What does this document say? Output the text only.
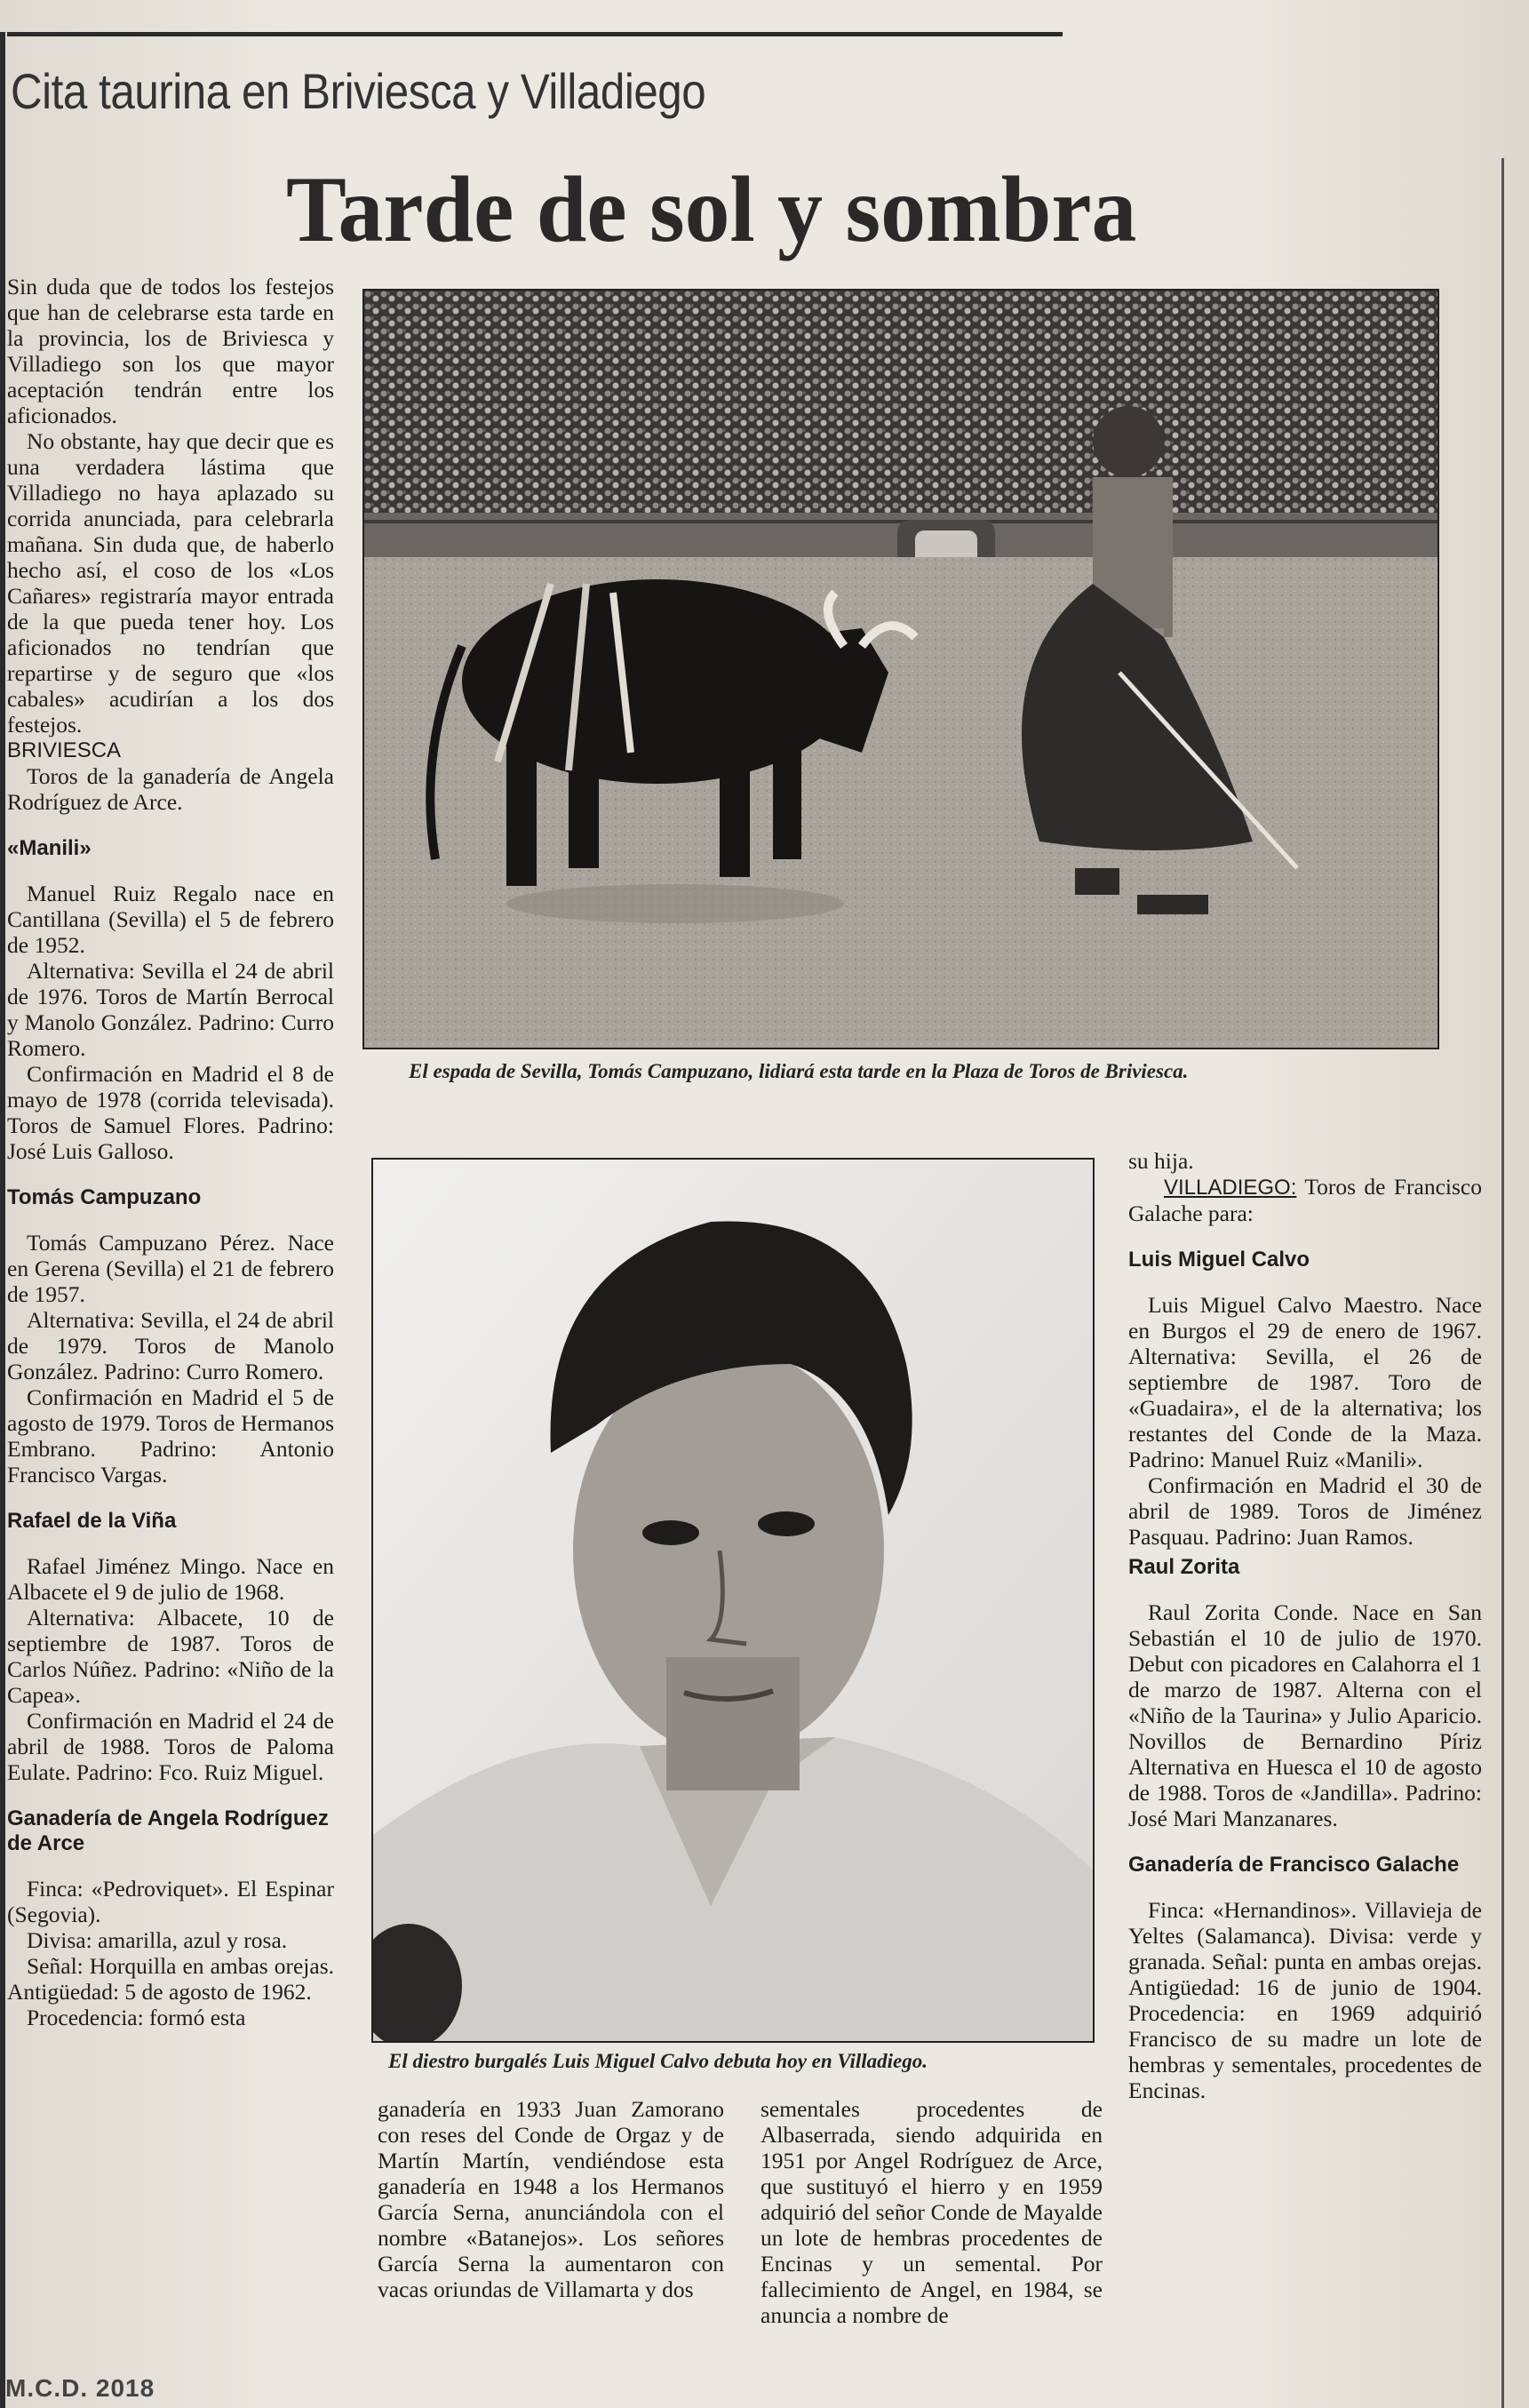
Cita taurina en Briviesca y Villadiego
Tarde de sol y sombra

Sin duda que de todos los festejos que han de celebrarse esta tarde en la provincia, los de Briviesca y Villadiego son los que mayor aceptación tendrán entre los aficionados.

No obstante, hay que decir que es una verdadera lástima que Villadiego no haya aplazado su corrida anunciada, para celebrarla mañana. Sin duda que, de haberlo hecho así, el coso de los «Los Cañares» registraría mayor entrada de la que pueda tener hoy. Los aficionados no tendrían que repartirse y de seguro que «los cabales» acudirían a los dos festejos.

BRIVIESCA

Toros de la ganadería de Angela Rodríguez de Arce.

«Manili»

Manuel Ruiz Regalo nace en Cantillana (Sevilla) el 5 de febrero de 1952.

Alternativa: Sevilla el 24 de abril de 1976. Toros de Martín Berrocal y Manolo González. Padrino: Curro Romero.

Confirmación en Madrid el 8 de mayo de 1978 (corrida televisada). Toros de Samuel Flores. Padrino: José Luis Galloso.

Tomás Campuzano

Tomás Campuzano Pérez. Nace en Gerena (Sevilla) el 21 de febrero de 1957.

Alternativa: Sevilla, el 24 de abril de 1979. Toros de Manolo González. Padrino: Curro Romero.

Confirmación en Madrid el 5 de agosto de 1979. Toros de Hermanos Embrano. Padrino: Antonio Francisco Vargas.

Rafael de la Viña

Rafael Jiménez Mingo. Nace en Albacete el 9 de julio de 1968.

Alternativa: Albacete, 10 de septiembre de 1987. Toros de Carlos Núñez. Padrino: «Niño de la Capea».

Confirmación en Madrid el 24 de abril de 1988. Toros de Paloma Eulate. Padrino: Fco. Ruiz Miguel.

Ganadería de Angela Rodríguez de Arce

Finca: «Pedroviquet». El Espinar (Segovia).

Divisa: amarilla, azul y rosa.

Señal: Horquilla en ambas orejas. Antigüedad: 5 de agosto de 1962.

Procedencia: formó esta

El espada de Sevilla, Tomás Campuzano, lidiará esta tarde en la Plaza de Toros de Briviesca.
El diestro burgalés Luis Miguel Calvo debuta hoy en Villadiego.

ganadería en 1933 Juan Zamorano con reses del Conde de Orgaz y de Martín Martín, vendiéndose esta ganadería en 1948 a los Hermanos García Serna, anunciándola con el nombre «Batanejos». Los señores García Serna la aumentaron con vacas oriundas de Villamarta y dos

sementales procedentes de Albaserrada, siendo adquirida en 1951 por Angel Rodríguez de Arce, que sustituyó el hierro y en 1959 adquirió del señor Conde de Mayalde un lote de hembras procedentes de Encinas y un semental. Por fallecimiento de Angel, en 1984, se anuncia a nombre de

su hija.

VILLADIEGO: Toros de Francisco Galache para:

Luis Miguel Calvo

Luis Miguel Calvo Maestro. Nace en Burgos el 29 de enero de 1967. Alternativa: Sevilla, el 26 de septiembre de 1987. Toro de «Guadaira», el de la alternativa; los restantes del Conde de la Maza. Padrino: Manuel Ruiz «Manili».

Confirmación en Madrid el 30 de abril de 1989. Toros de Jiménez Pasquau. Padrino: Juan Ramos.

Raul Zorita

Raul Zorita Conde. Nace en San Sebastián el 10 de julio de 1970. Debut con picadores en Calahorra el 1 de marzo de 1987. Alterna con el «Niño de la Taurina» y Julio Aparicio. Novillos de Bernardino Píriz Alternativa en Huesca el 10 de agosto de 1988. Toros de «Jandilla». Padrino: José Mari Manzanares.

Ganadería de Francisco Galache

Finca: «Hernandinos». Villavieja de Yeltes (Salamanca). Divisa: verde y granada. Señal: punta en ambas orejas. Antigüedad: 16 de junio de 1904. Procedencia: en 1969 adquirió Francisco de su madre un lote de hembras y sementales, procedentes de Encinas.

M.C.D. 2018
